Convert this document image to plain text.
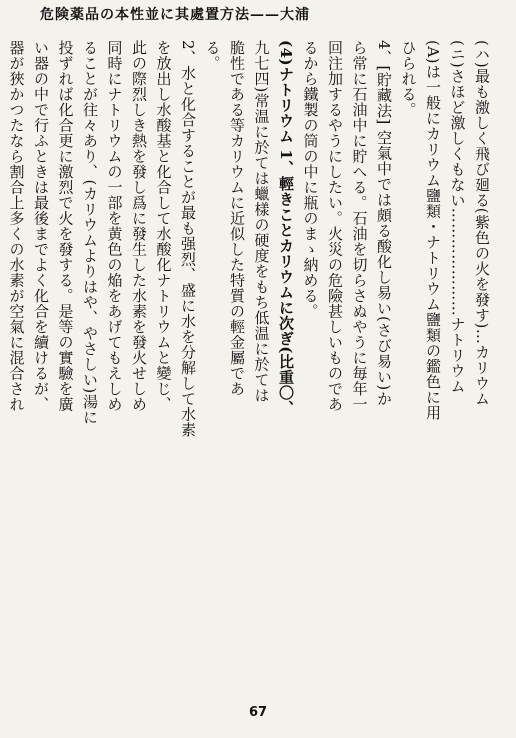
危険薬品の本性並に其處置方法——大浦
(ハ)最も激しく飛び廻る(紫色の火を發す)…カリウム
(ニ)さほど激しくもない…………………ナトリウム
(A)は一般にカリウム鹽類・ナトリウム鹽類の鑑色に用
ひられる。
4、[貯藏法] 空氣中では頗る酸化し易い(さび易い)か
ら常に石油中に貯へる。石油を切らさぬやうに毎年一
回注加するやうにしたい。火災の危險甚しいものであ
るから鐵製の筒の中に瓶のまゝ納める。
(4)ナトリウム 1、輕きことカリウムに次ぎ(比重〇、
九七四)常温に於ては蠟樣の硬度をもち低温に於ては
脆性である等カリウムに近似した特質の輕金屬であ
る。
2、水と化合することが最も强烈、盛に水を分解して水素
を放出し水酸基と化合して水酸化ナトリウムと變じ、
此の際烈しき熱を發し爲に發生した水素を發火せしめ
同時にナトリウムの一部を黄色の焔をあげてもえしめ
ることが往々あり、(カリウムよりはや、やさしい)湯に
投ずれば化合更に激烈で火を發する。是等の實驗を廣
い器の中で行ふときは最後までよく化合を續けるが、
器が狹かつたなら割合上多くの水素が空氣に混合され
67
